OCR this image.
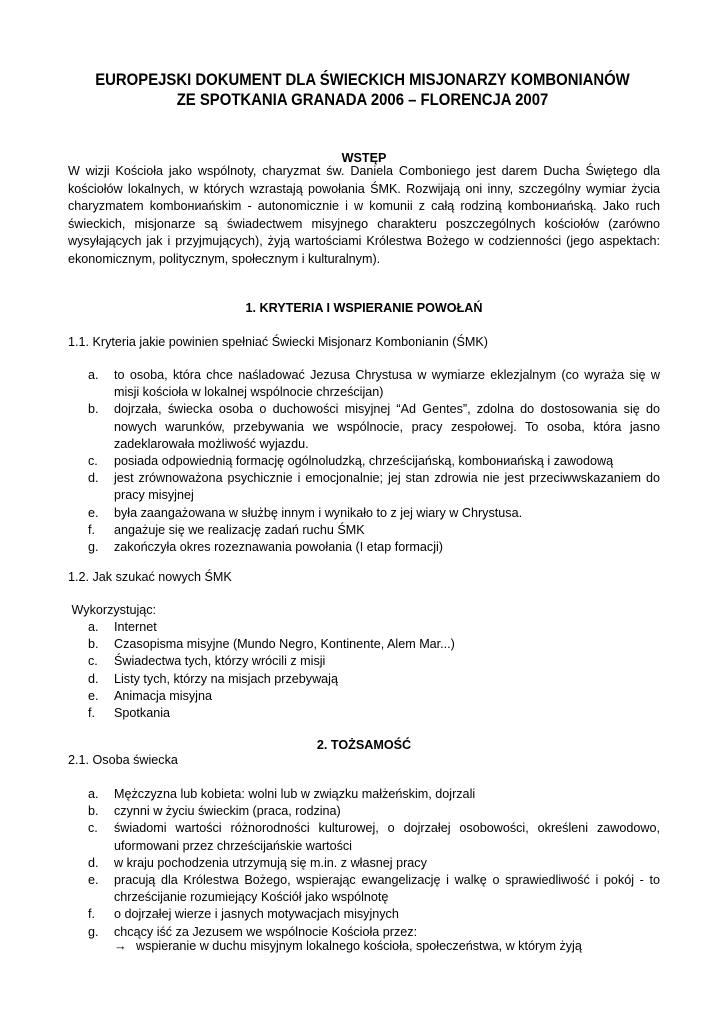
EUROPEJSKI DOKUMENT DLA ŚWIECKICH MISJONARZY KOMBONIANÓW
ZE SPOTKANIA GRANADA 2006 – FLORENCJA 2007
WSTĘP
W wizji Kościoła jako wspólnoty, charyzmat św. Daniela Comboniego jest darem Ducha Świętego dla kościołów lokalnych, w których wzrastają powołania ŚMK. Rozwijają oni inny, szczególny wymiar życia charyzmatem kombониańskim - autonomicznie i w komunii z całą rodziną kombониańską. Jako ruch świeckich, misjonarze są świadectwem misyjnego charakteru poszczególnych kościołów (zarówno wysyłających jak i przyjmujących), żyją wartościami Królestwa Bożego w codzienności (jego aspektach: ekonomicznym, politycznym, społecznym i kulturalnym).
1. KRYTERIA I WSPIERANIE POWOŁAŃ
1.1. Kryteria jakie powinien spełniać Świecki Misjonarz Kombonianin (ŚMK)
a. to osoba, która chce naśladować Jezusa Chrystusa w wymiarze eklezjalnym (co wyraża się w misji kościoła w lokalnej wspólnocie chrześcijan)
b. dojrzała, świecka osoba o duchowości misyjnej “Ad Gentes”, zdolna do dostosowania się do nowych warunków, przebywania we wspólnocie, pracy zespołowej. To osoba, która jasno zadeklarowała możliwość wyjazdu.
c. posiada odpowiednią formację ogólnoludzką, chrześcijańską, kombониańską i zawodową
d. jest zrównoważona psychicznie i emocjonalnie; jej stan zdrowia nie jest przeciwwskazaniem do pracy misyjnej
e. była zaangażowana w służbę innym i wynikało to z jej wiary w Chrystusa.
f. angażuje się we realizację zadań ruchu ŚMK
g. zakończyła okres rozeznawania powołania (I etap formacji)
1.2. Jak szukać nowych ŚMK
Wykorzystując:
a. Internet
b. Czasopisma misyjne (Mundo Negro, Kontinente, Alem Mar...)
c. Świadectwa tych, którzy wrócili z misji
d. Listy tych, którzy na misjach przebywają
e. Animacja misyjna
f. Spotkania
2. TOŻSAMOŚĆ
2.1. Osoba świecka
a. Mężczyzna lub kobieta: wolni lub w związku małżeńskim, dojrzali
b. czynni w życiu świeckim (praca, rodzina)
c. świadomi wartości różnorodności kulturowej, o dojrzałej osobowości, określeni zawodowo, uformowani przez chrześcijańskie wartości
d. w kraju pochodzenia utrzymują się m.in. z własnej pracy
e. pracują dla Królestwa Bożego, wspierając ewangelizację i walkę o sprawiedliwość i pokój - to chrześcijanie rozumiejący Kościół jako wspólnotę
f. o dojrzałej wierze i jasnych motywacjach misyjnych
g. chcący iść za Jezusem we wspólnocie Kościoła przez:
→ wspieranie w duchu misyjnym lokalnego kościoła, społeczeństwa, w którym żyją
